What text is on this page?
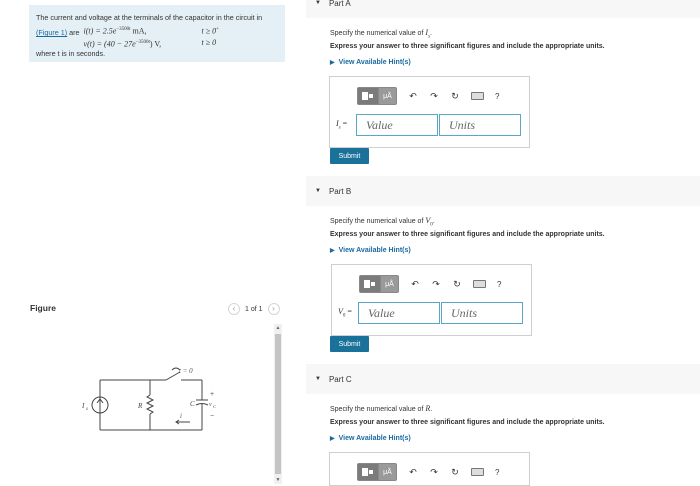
The current and voltage at the terminals of the capacitor in the circuit in
(Figure 1) are $i(t) = 2.5e^{-3500t}$ mA,	t ≥ 0+
$v(t) = (40 - 27e^{-3500t})$ V,	t ≥ 0
where t is in seconds.
Figure	‹	1 of 1	›
▲
▼
t = 0
I s	R	C
+
v C
−
i
▼ Part A
Specify the numerical value of $I_s$.
Express your answer to three significant figures and include the appropriate units.
▶ View Available Hint(s)
μÅ	↶ ↷ ↻	?
$I_s$ =	Value	Units
Submit
▼ Part B
Specify the numerical value of $V_0$.
Express your answer to three significant figures and include the appropriate units.
▶ View Available Hint(s)
μÅ	↶ ↷ ↻	?
$V_0$ =	Value	Units
Submit
▼ Part C
Specify the numerical value of R.
Express your answer to three significant figures and include the appropriate units.
▶ View Available Hint(s)
μÅ	↶ ↷ ↻	?
